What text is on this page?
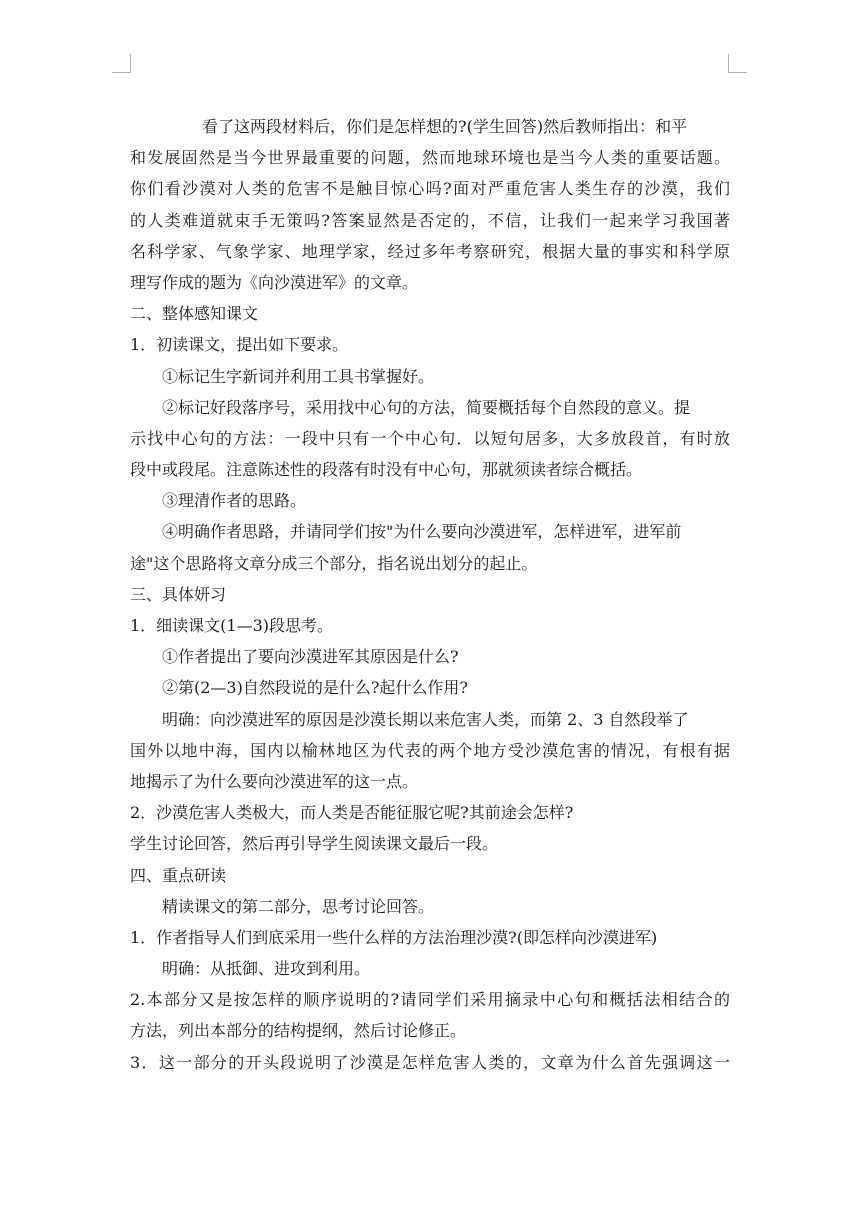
看了这两段材料后，你们是怎样想的?(学生回答)然后教师指出：和平
和发展固然是当今世界最重要的问题，然而地球环境也是当今人类的重要话题。
你们看沙漠对人类的危害不是触目惊心吗?面对严重危害人类生存的沙漠，我们
的人类难道就束手无策吗?答案显然是否定的，不信，让我们一起来学习我国著
名科学家、气象学家、地理学家，经过多年考察研究，根据大量的事实和科学原
理写作成的题为《向沙漠进军》的文章。
二、整体感知课文
1．初读课文，提出如下要求。
①标记生字新词并利用工具书掌握好。
②标记好段落序号，采用找中心句的方法，简要概括每个自然段的意义。提
示找中心句的方法：一段中只有一个中心句．以短句居多，大多放段首，有时放
段中或段尾。注意陈述性的段落有时没有中心句，那就须读者综合概括。
③理清作者的思路。
④明确作者思路，并请同学们按"为什么要向沙漠进军，怎样进军，进军前
途"这个思路将文章分成三个部分，指名说出划分的起止。
三、具体妍习
1．细读课文(1—3)段思考。
①作者提出了要向沙漠进军其原因是什么?
②第(2—3)自然段说的是什么?起什么作用?
明确：向沙漠进军的原因是沙漠长期以来危害人类，而第 2、3 自然段举了
国外以地中海，国内以榆林地区为代表的两个地方受沙漠危害的情况，有根有据
地揭示了为什么要向沙漠进军的这一点。
2．沙漠危害人类极大，而人类是否能征服它呢?其前途会怎样?
学生讨论回答，然后再引导学生阅读课文最后一段。
四、重点研读
精读课文的第二部分，思考讨论回答。
1．作者指导人们到底采用一些什么样的方法治理沙漠?(即怎样向沙漠进军)
明确：从抵御、进攻到利用。
2.本部分又是按怎样的顺序说明的?请同学们采用摘录中心句和概括法相结合的
方法，列出本部分的结构提纲，然后讨论修正。
3．这一部分的开头段说明了沙漠是怎样危害人类的，文章为什么首先强调这一
